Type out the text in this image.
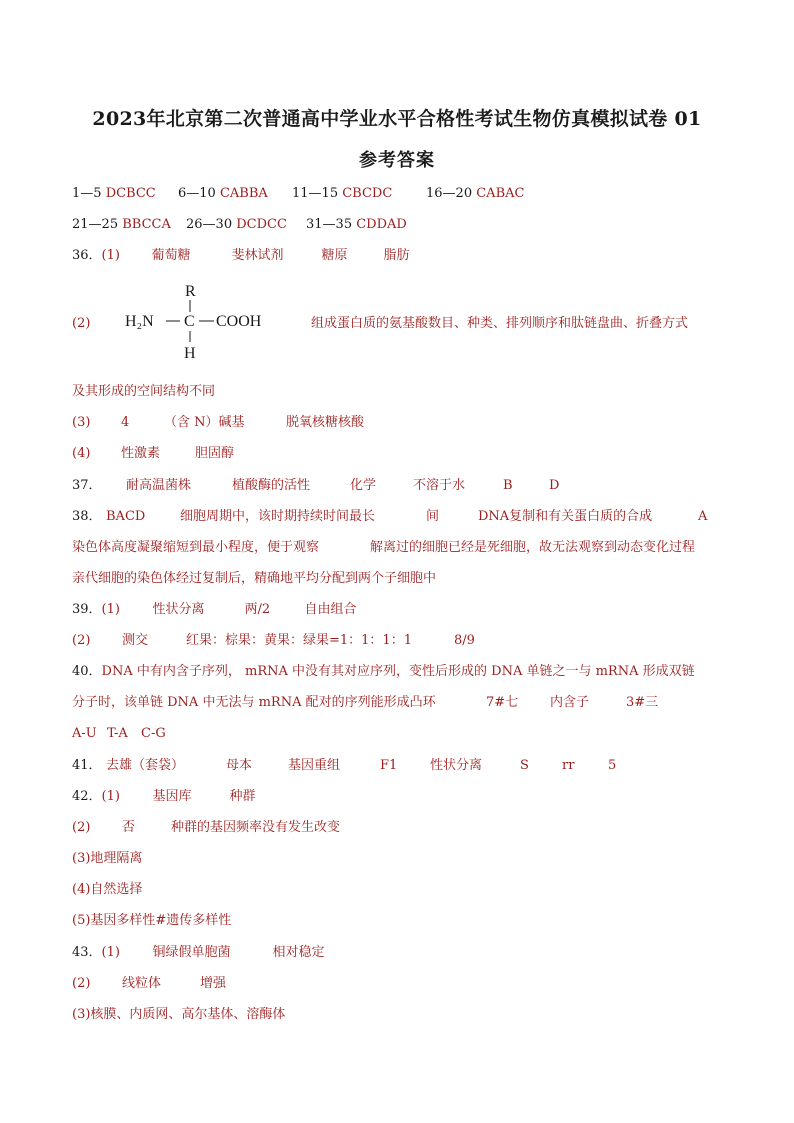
2023年北京第二次普通高中学业水平合格性考试生物仿真模拟试卷 01
参考答案
1—5 DCBCC 6—10 CABBA 11—15 CBCDC	16—20 CABAC
21—25 BBCCA 26—30 DCDCC 31—35 CDDAD
36．(1) 葡萄糖	斐林试剂	糖原	脂肪
(2)
R
H₂N C COOH
H
组成蛋白质的氨基酸数目、种类、排列顺序和肽链盘曲、折叠方式
及其形成的空间结构不同
(3) 4	（含 N）碱基	脱氧核糖核酸
(4) 性激素	胆固醇
37． 耐高温菌株	植酸酶的活性	化学	不溶于水	B	D
38． BACD	细胞周期中，该时期持续时间最长	间	DNA复制和有关蛋白质的合成	A
染色体高度凝聚缩短到最小程度，便于观察	解离过的细胞已经是死细胞，故无法观察到动态变化过程
亲代细胞的染色体经过复制后，精确地平均分配到两个子细胞中
39．(1)	性状分离	两/2	自由组合
(2) 测交	红果：棕果：黄果：绿果=1：1：1：1	8/9
40．DNA 中有内含子序列， mRNA 中没有其对应序列，变性后形成的 DNA 单链之一与 mRNA 形成双链
分子时，该单链 DNA 中无法与 mRNA 配对的序列能形成凸环	7#七 内含子	3#三
A-U T-A C-G
41． 去雄（套袋）	母本	基因重组	F1	性状分离	S	rr	5
42．(1)	基因库	种群
(2) 否	种群的基因频率没有发生改变
(3)地理隔离
(4)自然选择
(5)基因多样性#遗传多样性
43．(1)	铜绿假单胞菌	相对稳定
(2) 线粒体	增强
(3)核膜、内质网、高尔基体、溶酶体
